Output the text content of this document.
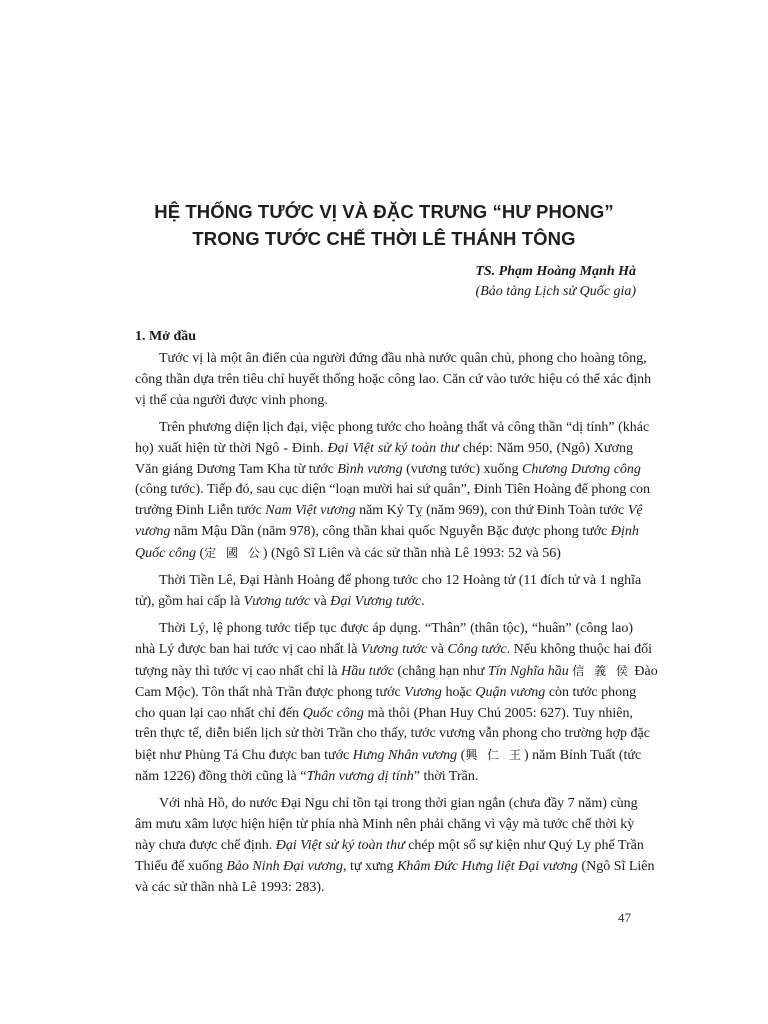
HỆ THỐNG TƯỚC VỊ VÀ ĐẶC TRƯNG “HƯ PHONG”
TRONG TƯỚC CHẾ THỜI LÊ THÁNH TÔNG
TS. Phạm Hoàng Mạnh Hà
(Bảo tàng Lịch sử Quốc gia)
1. Mở đầu

Tước vị là một ân điển của người đứng đầu nhà nước quân chủ, phong cho hoàng tông,
công thần dựa trên tiêu chí huyết thống hoặc công lao. Căn cứ vào tước hiệu có thể xác định
vị thế của người được vinh phong.

Trên phương diện lịch đại, việc phong tước cho hoàng thất và công thần “dị tính” (khác
họ) xuất hiện từ thời Ngô - Đinh. Đại Việt sử ký toàn thư chép: Năm 950, (Ngô) Xương
Văn giáng Dương Tam Kha từ tước Bình vương (vương tước) xuống Chương Dương công
(công tước). Tiếp đó, sau cục diện “loạn mười hai sứ quân”, Đinh Tiên Hoàng để phong con
trưởng Đinh Liễn tước Nam Việt vương năm Kỷ Tỵ (năm 969), con thứ Đinh Toàn tước Vệ
vương năm Mậu Dần (năm 978), công thần khai quốc Nguyễn Bặc được phong tước Định
Quốc công (定 國 公) (Ngô Sĩ Liên và các sử thần nhà Lê 1993: 52 và 56)

Thời Tiền Lê, Đại Hành Hoàng đế phong tước cho 12 Hoàng tử (11 đích tử và 1 nghĩa
tử), gồm hai cấp là Vương tước và Đại Vương tước.

Thời Lý, lệ phong tước tiếp tục được áp dụng. “Thân” (thân tộc), “huân” (công lao)
nhà Lý được ban hai tước vị cao nhất là Vương tước và Công tước. Nếu không thuộc hai đối
tượng này thì tước vị cao nhất chỉ là Hầu tước (chẳng hạn như Tín Nghĩa hầu 信 義 侯 Đào
Cam Mộc). Tôn thất nhà Trần được phong tước Vương hoặc Quận vương còn tước phong
cho quan lại cao nhất chỉ đến Quốc công mà thôi (Phan Huy Chú 2005: 627). Tuy nhiên,
trên thực tế, diễn biến lịch sử thời Trần cho thấy, tước vương vẫn phong cho trường hợp đặc
biệt như Phùng Tá Chu được ban tước Hưng Nhân vương (興 仁 王) năm Bính Tuất (tức
năm 1226) đồng thời cũng là “Thân vương dị tính” thời Trần.

Với nhà Hồ, do nước Đại Ngu chỉ tồn tại trong thời gian ngắn (chưa đầy 7 năm) cùng
âm mưu xâm lược hiện hiện từ phía nhà Minh nên phải chăng vì vậy mà tước chế thời kỳ
này chưa được chế định. Đại Việt sử ký toàn thư chép một số sự kiện như Quý Ly phế Trần
Thiếu đế xuống Bảo Ninh Đại vương, tự xưng Khâm Đức Hưng liệt Đại vương (Ngô Sĩ Liên
và các sử thần nhà Lê 1993: 283).

47
